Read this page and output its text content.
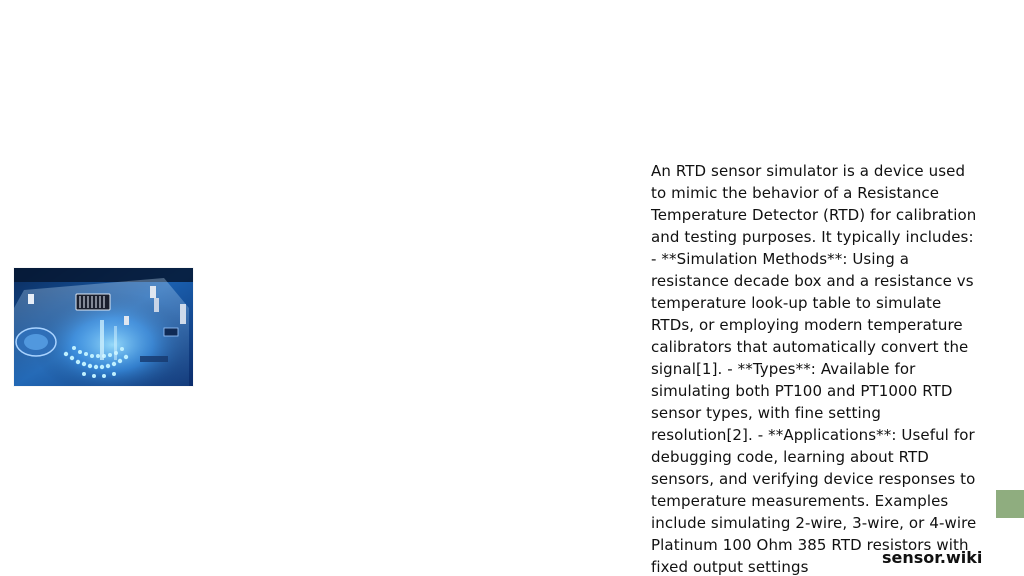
An RTD sensor simulator is a device used to mimic the behavior of a Resistance Temperature Detector (RTD) for calibration and testing purposes. It typically includes: - **Simulation Methods**: Using a resistance decade box and a resistance vs temperature look-up table to simulate RTDs, or employing modern temperature calibrators that automatically convert the signal[1]. - **Types**: Available for simulating both PT100 and PT1000 RTD sensor types, with fine setting resolution[2]. - **Applications**: Useful for debugging code, learning about RTD sensors, and verifying device responses to temperature measurements. Examples include simulating 2-wire, 3-wire, or 4-wire Platinum 100 Ohm 385 RTD resistors with fixed output settings	sensor.wiki
